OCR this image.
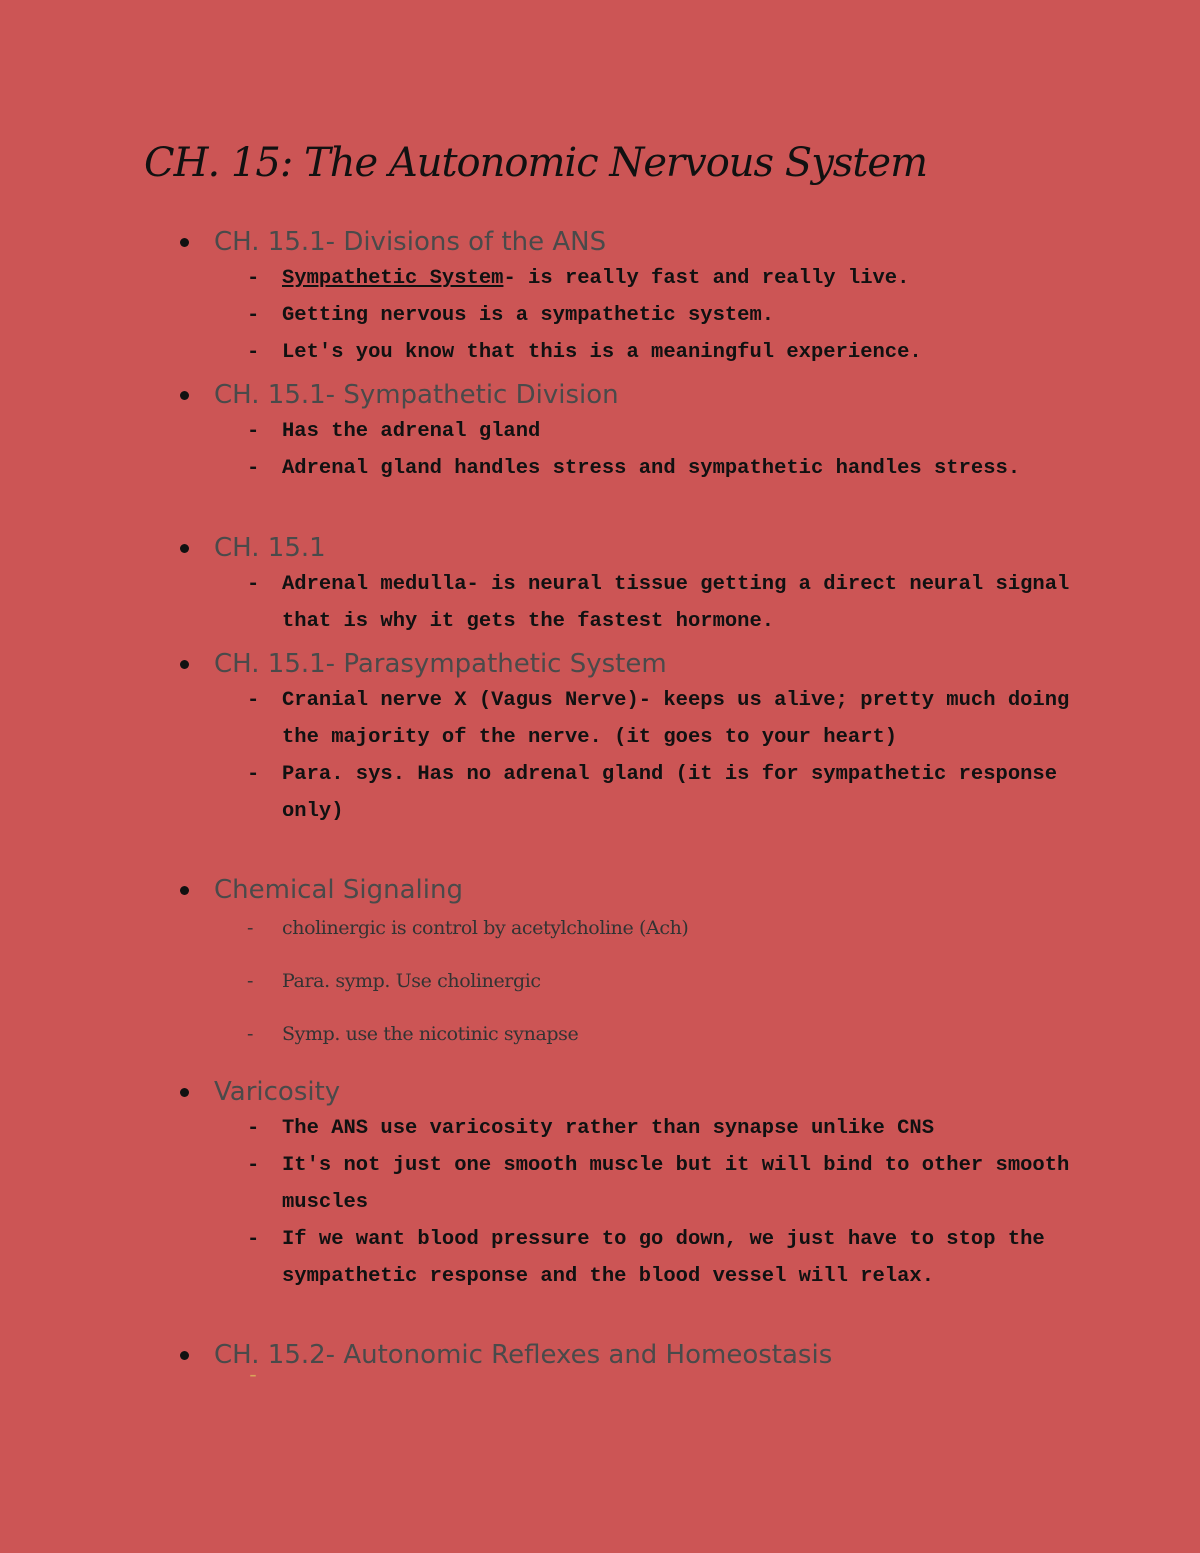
CH. 15: The Autonomic Nervous System
CH. 15.1- Divisions of the ANS
- Sympathetic System- is really fast and really live.
- Getting nervous is a sympathetic system.
- Let's you know that this is a meaningful experience.
CH. 15.1- Sympathetic Division
- Has the adrenal gland
- Adrenal gland handles stress and sympathetic handles stress.
CH. 15.1
- Adrenal medulla- is neural tissue getting a direct neural signal that is why it gets the fastest hormone.
CH. 15.1- Parasympathetic System
- Cranial nerve X (Vagus Nerve)- keeps us alive; pretty much doing the majority of the nerve. (it goes to your heart)
- Para. sys. Has no adrenal gland (it is for sympathetic response only)
Chemical Signaling
- cholinergic is control by acetylcholine (Ach)
- Para. symp. Use cholinergic
- Symp. use the nicotinic synapse
Varicosity
- The ANS use varicosity rather than synapse unlike CNS
- It's not just one smooth muscle but it will bind to other smooth muscles
- If we want blood pressure to go down, we just have to stop the sympathetic response and the blood vessel will relax.
CH. 15.2- Autonomic Reflexes and Homeostasis
-
